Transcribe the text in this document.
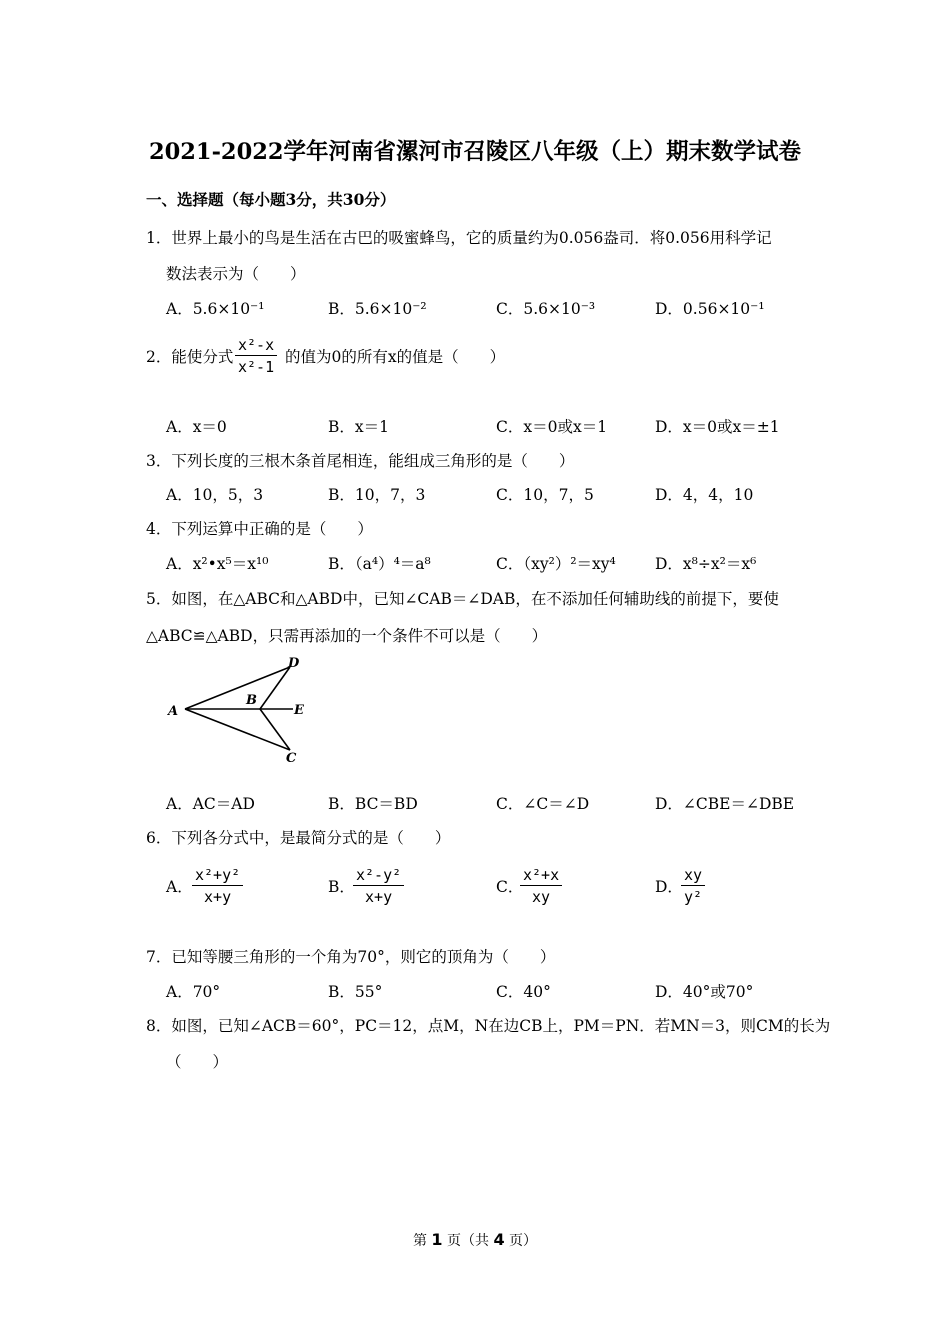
2021-2022学年河南省漯河市召陵区八年级（上）期末数学试卷
一、选择题（每小题3分，共30分）
1．世界上最小的鸟是生活在古巴的吸蜜蜂鸟，它的质量约为0.056盎司．将0.056用科学记
数法表示为（　　）
A．5.6×10⁻¹	B．5.6×10⁻²	C．5.6×10⁻³	D．0.56×10⁻¹
2．能使分式 $\frac{\text{x²-x}}{\text{x²-1}}$ 的值为0的所有x的值是（　　）
A．x＝0	B．x＝1	C．x＝0或x＝1	D．x＝0或x＝±1
3．下列长度的三根木条首尾相连，能组成三角形的是（　　）
A．10，5，3	B．10，7，3	C．10，7，5	D．4，4，10
4．下列运算中正确的是（　　）
A．x²•x⁵＝x¹⁰	B．（a⁴）⁴＝a⁸	C．（xy²）²＝xy⁴	D．x⁸÷x²＝x⁶
5．如图，在△ABC和△ABD中，已知∠CAB＝∠DAB，在不添加任何辅助线的前提下，要使
△ABC≌△ABD，只需再添加的一个条件不可以是（　　）
A
B
D
E
C
A．AC＝AD	B．BC＝BD	C．∠C＝∠D	D．∠CBE＝∠DBE
6．下列各分式中，是最简分式的是（　　）
A． $\frac{\text{x²+y²}}{x+y}$	B．
$\frac{\text{x²-y²}}{x+y}$	C．
$\frac{\text{x²+x}}{xy}$	D．
$\frac{xy}{\text{y²}}$
7．已知等腰三角形的一个角为70°，则它的顶角为（　　）
A．70°	B．55°	C．40°	D．40°或70°
8．如图，已知∠ACB＝60°，PC＝12，点M，N在边CB上，PM＝PN．若MN＝3，则CM的长为
（　　）
第 1 页（共 4 页）
